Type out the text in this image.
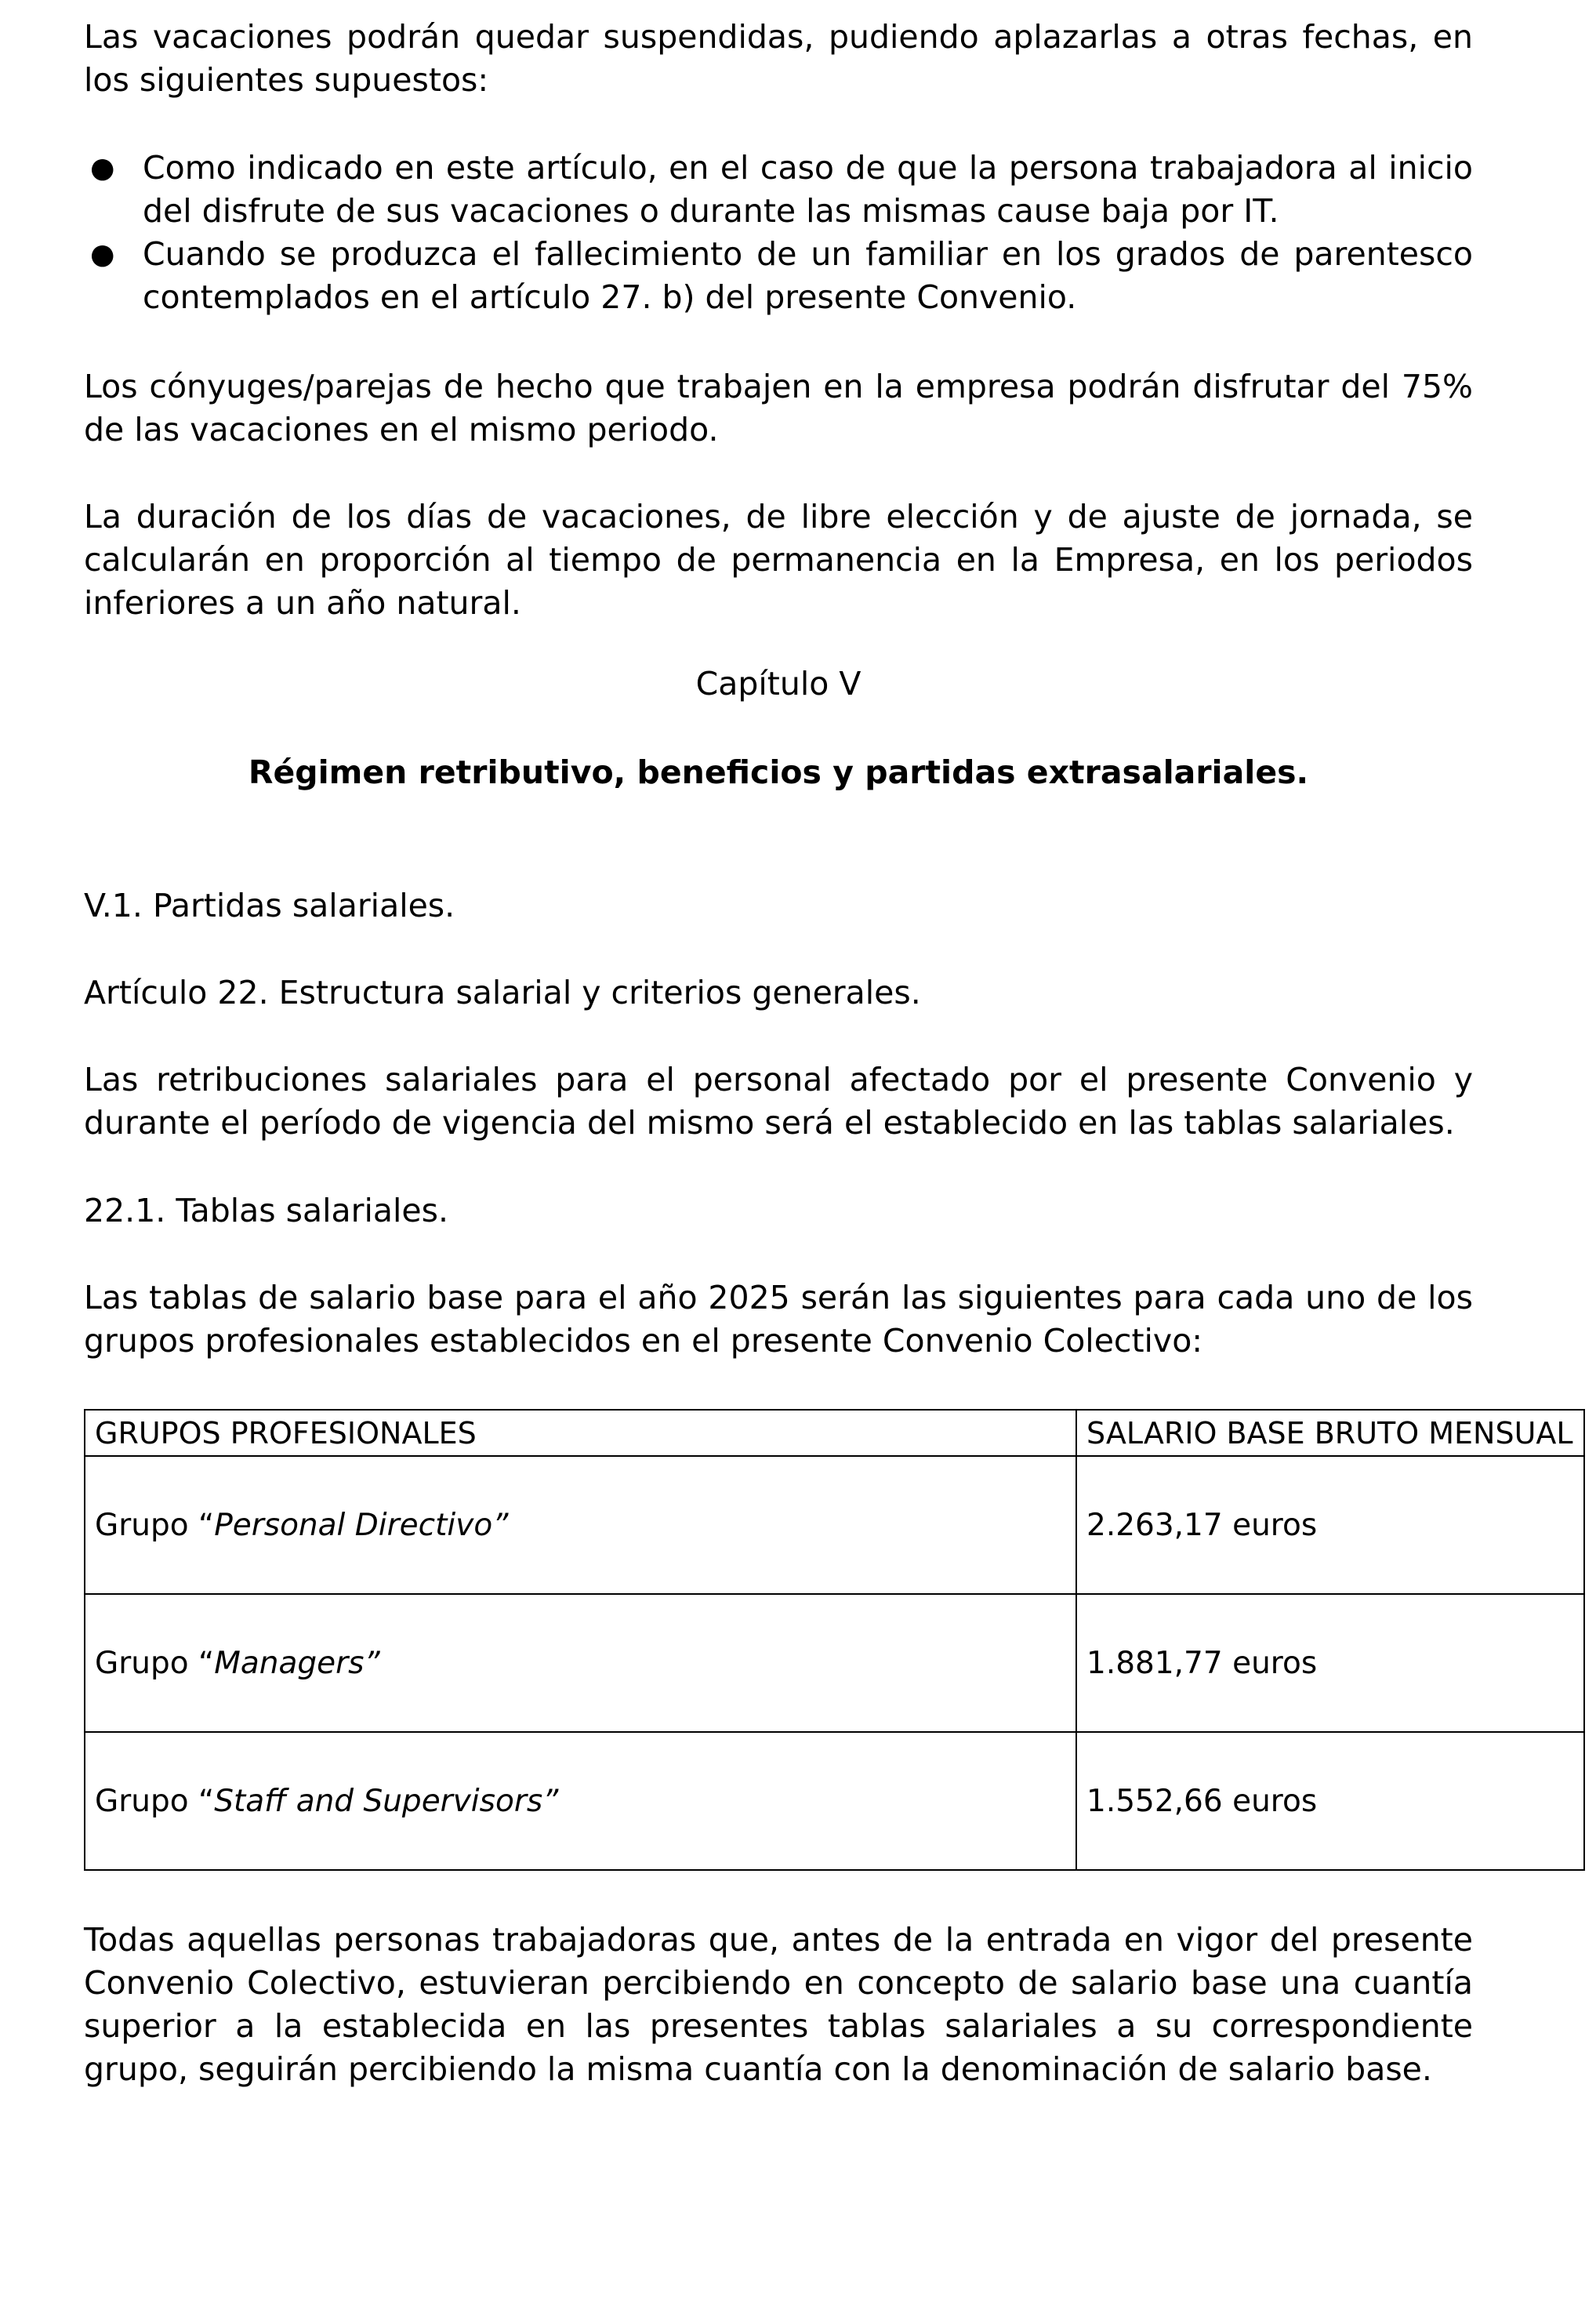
Las vacaciones podrán quedar suspendidas, pudiendo aplazarlas a otras fechas, en los siguientes supuestos:

● Como indicado en este artículo, en el caso de que la persona trabajadora al inicio del disfrute de sus vacaciones o durante las mismas cause baja por IT.
● Cuando se produzca el fallecimiento de un familiar en los grados de parentesco contemplados en el artículo 27. b) del presente Convenio.

Los cónyuges/parejas de hecho que trabajen en la empresa podrán disfrutar del 75% de las vacaciones en el mismo periodo.

La duración de los días de vacaciones, de libre elección y de ajuste de jornada, se calcularán en proporción al tiempo de permanencia en la Empresa, en los periodos inferiores a un año natural.

Capítulo V
Régimen retributivo, beneficios y partidas extrasalariales.

V.1. Partidas salariales.

Artículo 22. Estructura salarial y criterios generales.

Las retribuciones salariales para el personal afectado por el presente Convenio y durante el período de vigencia del mismo será el establecido en las tablas salariales.

22.1. Tablas salariales.

Las tablas de salario base para el año 2025 serán las siguientes para cada uno de los grupos profesionales establecidos en el presente Convenio Colectivo:

GRUPOS PROFESIONALES	SALARIO BASE BRUTO MENSUAL
Grupo “Personal Directivo”	2.263,17 euros
Grupo “Managers”	1.881,77 euros
Grupo “Staff and Supervisors”	1.552,66 euros

Todas aquellas personas trabajadoras que, antes de la entrada en vigor del presente Convenio Colectivo, estuvieran percibiendo en concepto de salario base una cuantía superior a la establecida en las presentes tablas salariales a su correspondiente grupo, seguirán percibiendo la misma cuantía con la denominación de salario base.
